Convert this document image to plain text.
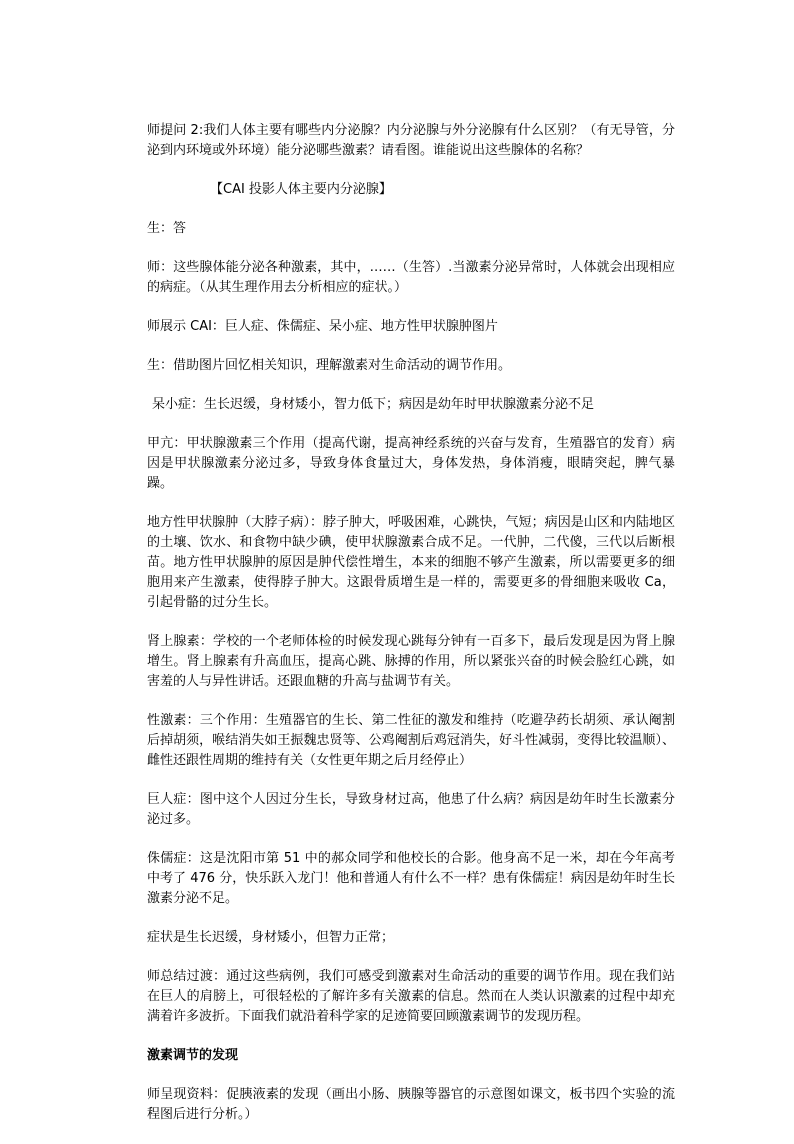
师提问 2:我们人体主要有哪些内分泌腺？内分泌腺与外分泌腺有什么区别？（有无导管，分泌到内环境或外环境）能分泌哪些激素？请看图。谁能说出这些腺体的名称？

【CAI 投影人体主要内分泌腺】

生：答

师：这些腺体能分泌各种激素，其中，……（生答）.当激素分泌异常时，人体就会出现相应的病症。（从其生理作用去分析相应的症状。）

师展示 CAI：巨人症、侏儒症、呆小症、地方性甲状腺肿图片

生：借助图片回忆相关知识，理解激素对生命活动的调节作用。

呆小症：生长迟缓，身材矮小，智力低下；病因是幼年时甲状腺激素分泌不足

甲亢：甲状腺激素三个作用（提高代谢，提高神经系统的兴奋与发育，生殖器官的发育）病因是甲状腺激素分泌过多，导致身体食量过大，身体发热，身体消瘦，眼睛突起，脾气暴躁。

地方性甲状腺肿（大脖子病）：脖子肿大，呼吸困难，心跳快，气短；病因是山区和内陆地区的土壤、饮水、和食物中缺少碘，使甲状腺激素合成不足。一代肿，二代傻，三代以后断根苗。地方性甲状腺肿的原因是肿代偿性增生，本来的细胞不够产生激素，所以需要更多的细胞用来产生激素，使得脖子肿大。这跟骨质增生是一样的，需要更多的骨细胞来吸收 Ca，引起骨骼的过分生长。

肾上腺素：学校的一个老师体检的时候发现心跳每分钟有一百多下，最后发现是因为肾上腺增生。肾上腺素有升高血压，提高心跳、脉搏的作用，所以紧张兴奋的时候会脸红心跳，如害羞的人与异性讲话。还跟血糖的升高与盐调节有关。

性激素：三个作用：生殖器官的生长、第二性征的激发和维持（吃避孕药长胡须、承认阉割后掉胡须，喉结消失如王振魏忠贤等、公鸡阉割后鸡冠消失，好斗性减弱，变得比较温顺）、雌性还跟性周期的维持有关（女性更年期之后月经停止）

巨人症：图中这个人因过分生长，导致身材过高，他患了什么病？病因是幼年时生长激素分泌过多。

侏儒症：这是沈阳市第 51 中的郝众同学和他校长的合影。他身高不足一米，却在今年高考中考了 476 分，快乐跃入龙门！他和普通人有什么不一样？患有侏儒症！病因是幼年时生长激素分泌不足。

症状是生长迟缓，身材矮小，但智力正常；

师总结过渡：通过这些病例，我们可感受到激素对生命活动的重要的调节作用。现在我们站在巨人的肩膀上，可很轻松的了解许多有关激素的信息。然而在人类认识激素的过程中却充满着许多波折。下面我们就沿着科学家的足迹简要回顾激素调节的发现历程。

激素调节的发现

师呈现资料：促胰液素的发现（画出小肠、胰腺等器官的示意图如课文，板书四个实验的流程图后进行分析。）
